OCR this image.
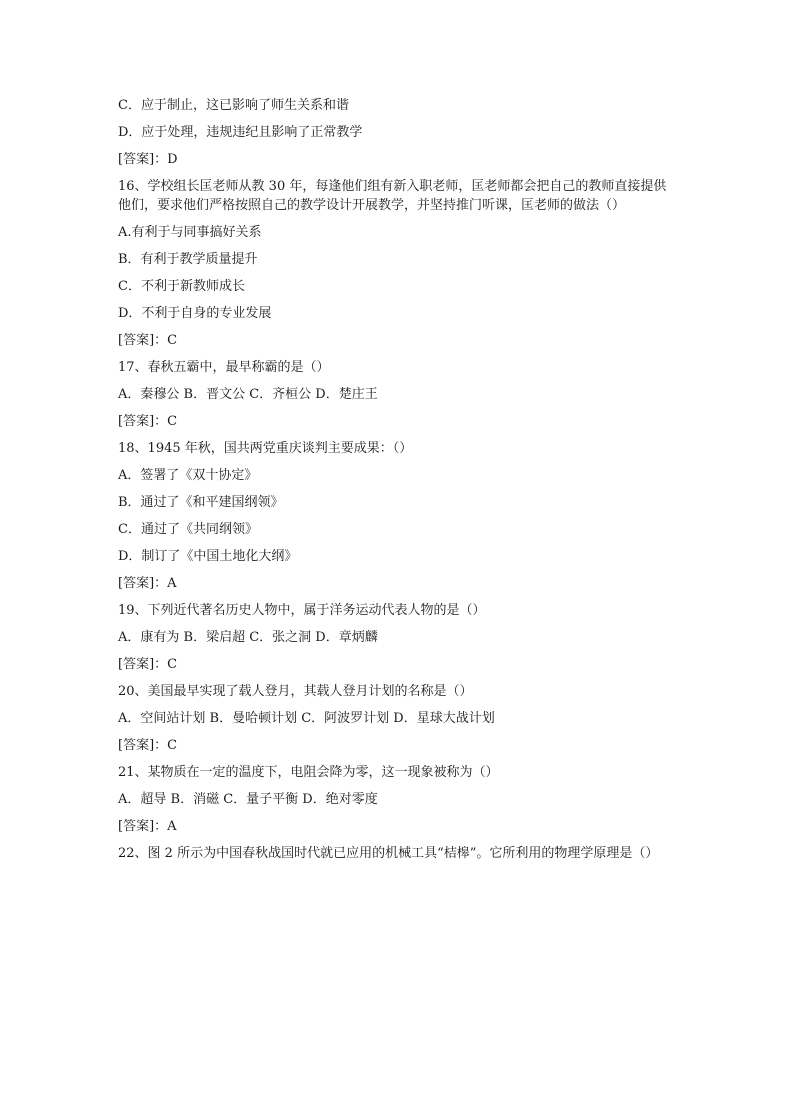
C．应于制止，这已影响了师生关系和谐
D．应于处理，违规违纪且影响了正常教学
[答案]：D
16、学校组长匡老师从教 30 年，每逢他们组有新入职老师，匡老师都会把自己的教师直接提供他们，要求他们严格按照自己的教学设计开展教学，并坚持推门听课，匡老师的做法（）
A.有利于与同事搞好关系
B．有利于教学质量提升
C．不利于新教师成长
D．不利于自身的专业发展
[答案]：C
17、春秋五霸中，最早称霸的是（）
A．秦穆公 B．晋文公 C．齐桓公 D．楚庄王
[答案]：C
18、1945 年秋，国共两党重庆谈判主要成果：（）
A．签署了《双十协定》
B．通过了《和平建国纲领》
C．通过了《共同纲领》
D．制订了《中国土地化大纲》
[答案]：A
19、下列近代著名历史人物中，属于洋务运动代表人物的是（）
A．康有为 B．梁启超 C．张之洞 D．章炳麟
[答案]：C
20、美国最早实现了载人登月，其载人登月计划的名称是（）
A．空间站计划 B．曼哈顿计划 C．阿波罗计划 D．星球大战计划
[答案]：C
21、某物质在一定的温度下，电阻会降为零，这一现象被称为（）
A．超导 B．消磁 C．量子平衡 D．绝对零度
[答案]：A
22、图 2 所示为中国春秋战国时代就已应用的机械工具“桔槔”。它所利用的物理学原理是（）
